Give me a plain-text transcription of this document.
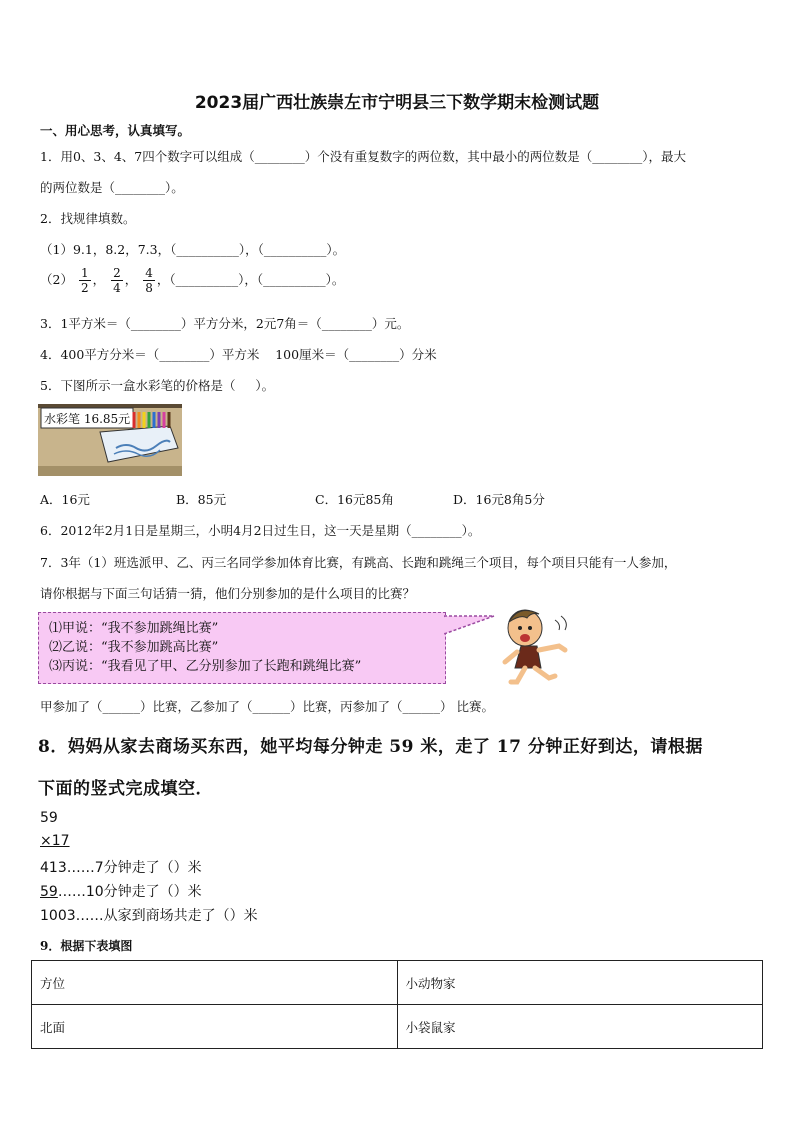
2023届广西壮族崇左市宁明县三下数学期末检测试题
一、用心思考，认真填写。
1．用0、3、4、7四个数字可以组成（________）个没有重复数字的两位数，其中最小的两位数是（________），最大
的两位数是（________）。
2．找规律填数。
（1）9.1，8.2，7.3，（__________），（__________）。
$(2) \frac{1}{2}$ ， $\frac{2}{4}$ ， $\frac{4}{8}$ ，（__________），（__________）。
3．1平方米＝（________）平方分米，2元7角＝（________）元。
4．400平方分米＝（________）平方米 100厘米＝（________）分米
5．下图所示一盒水彩笔的价格是（ ）。
水彩笔 16.85元
A．16元	B．85元	C．16元85角	D．16元8角5分
6．2012年2月1日是星期三，小明4月2日过生日，这一天是星期（________）。
7．3年（1）班选派甲、乙、丙三名同学参加体育比赛，有跳高、长跑和跳绳三个项目，每个项目只能有一人参加，
请你根据与下面三句话猜一猜，他们分别参加的是什么项目的比赛？
⑴甲说：“我不参加跳绳比赛”
⑵乙说：“我不参加跳高比赛”
⑶丙说：“我看见了甲、乙分别参加了长跑和跳绳比赛”
甲参加了（______）比赛，乙参加了（______）比赛，丙参加了（______） 比赛。
8．妈妈从家去商场买东西，她平均每分钟走 59 米，走了 17 分钟正好到达，请根据
下面的竖式完成填空．
59
×17
413……7分钟走了（）米
59……10分钟走了（）米
1003……从家到商场共走了（）米
9．根据下表填图
方位	小动物家
北面	小袋鼠家
